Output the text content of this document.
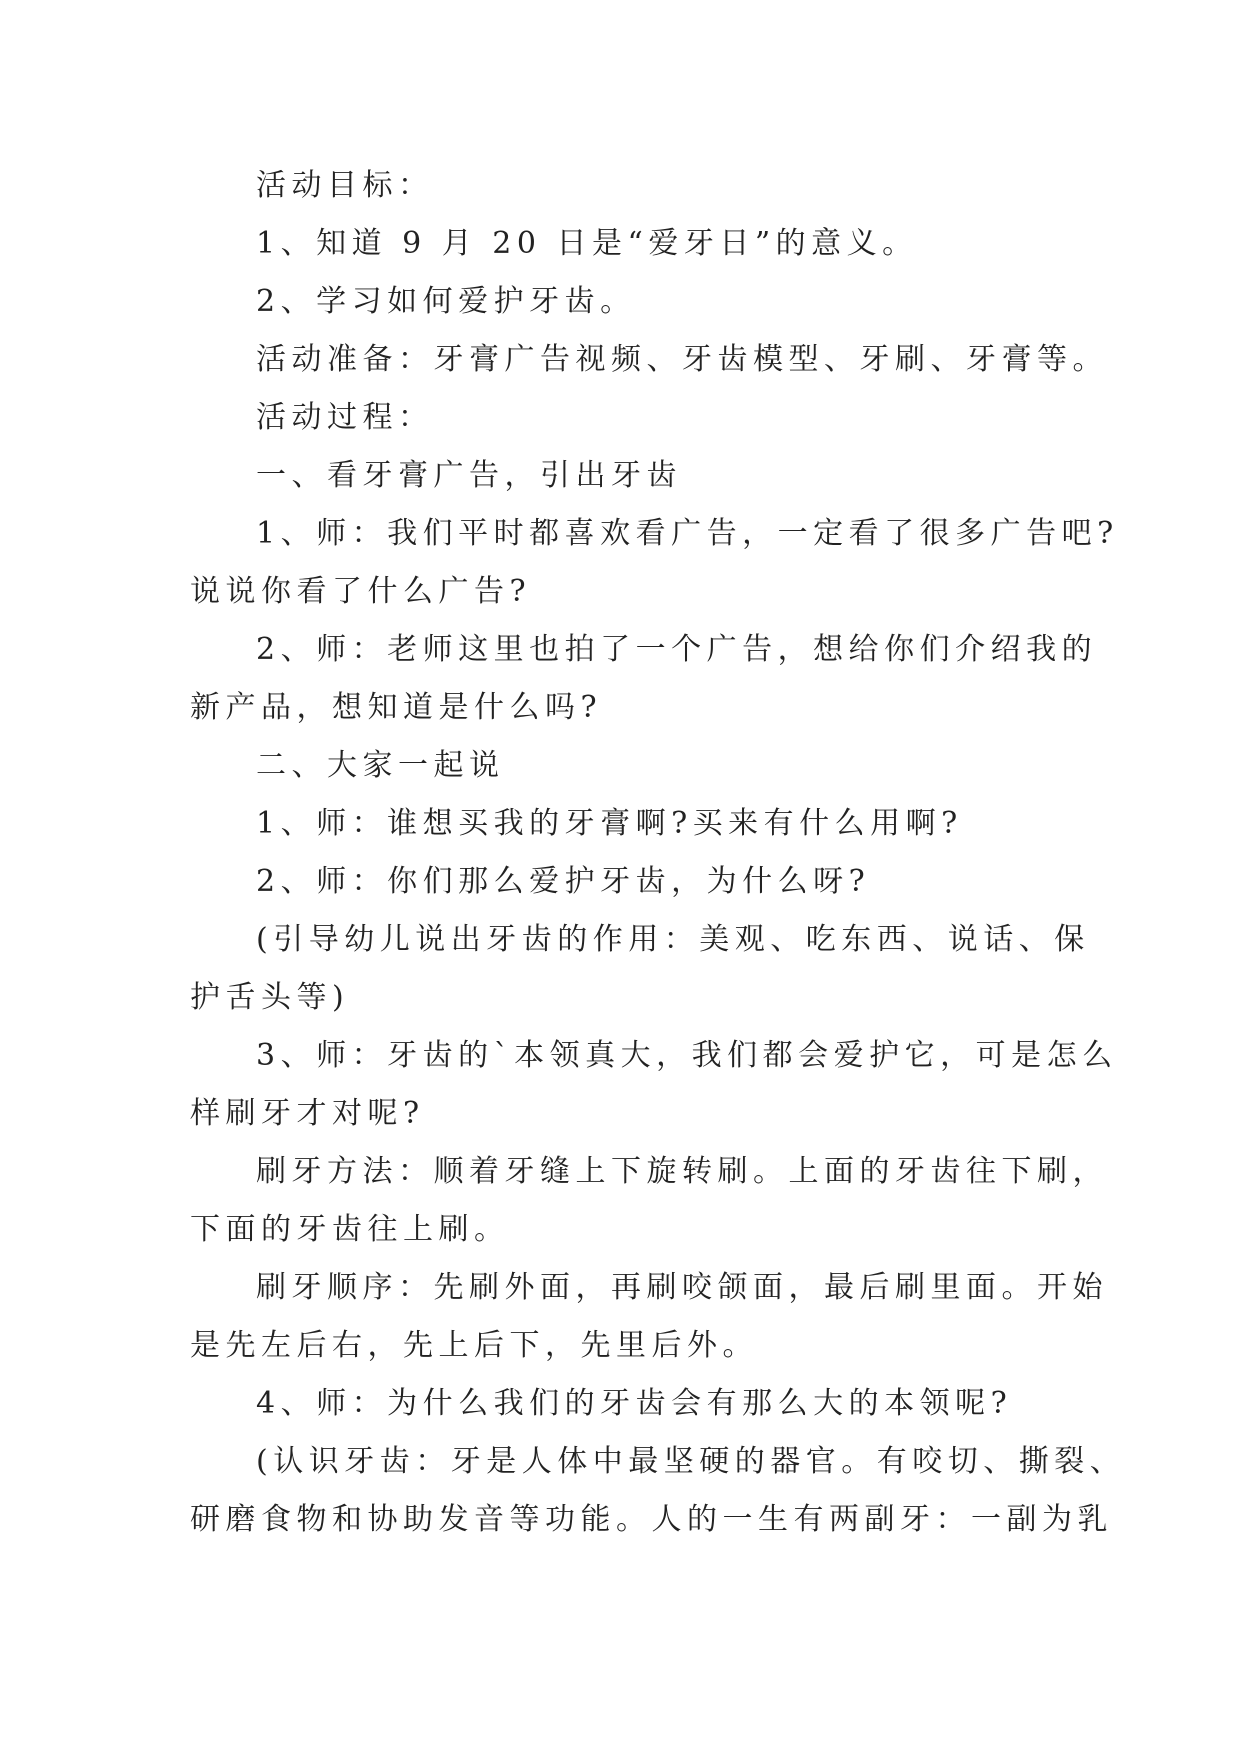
活动目标：
1、知道 9 月 20 日是“爱牙日”的意义。
2、学习如何爱护牙齿。
活动准备：牙膏广告视频、牙齿模型、牙刷、牙膏等。
活动过程：
一、看牙膏广告，引出牙齿
1、师：我们平时都喜欢看广告，一定看了很多广告吧?
说说你看了什么广告?
2、师：老师这里也拍了一个广告，想给你们介绍我的
新产品，想知道是什么吗?
二、大家一起说
1、师：谁想买我的牙膏啊?买来有什么用啊?
2、师：你们那么爱护牙齿，为什么呀?
(引导幼儿说出牙齿的作用：美观、吃东西、说话、保
护舌头等)
3、师：牙齿的`本领真大，我们都会爱护它，可是怎么
样刷牙才对呢?
刷牙方法：顺着牙缝上下旋转刷。上面的牙齿往下刷，
下面的牙齿往上刷。
刷牙顺序：先刷外面，再刷咬颌面，最后刷里面。开始
是先左后右，先上后下，先里后外。
4、师：为什么我们的牙齿会有那么大的本领呢?
(认识牙齿：牙是人体中最坚硬的器官。有咬切、撕裂、
研磨食物和协助发音等功能。人的一生有两副牙：一副为乳
